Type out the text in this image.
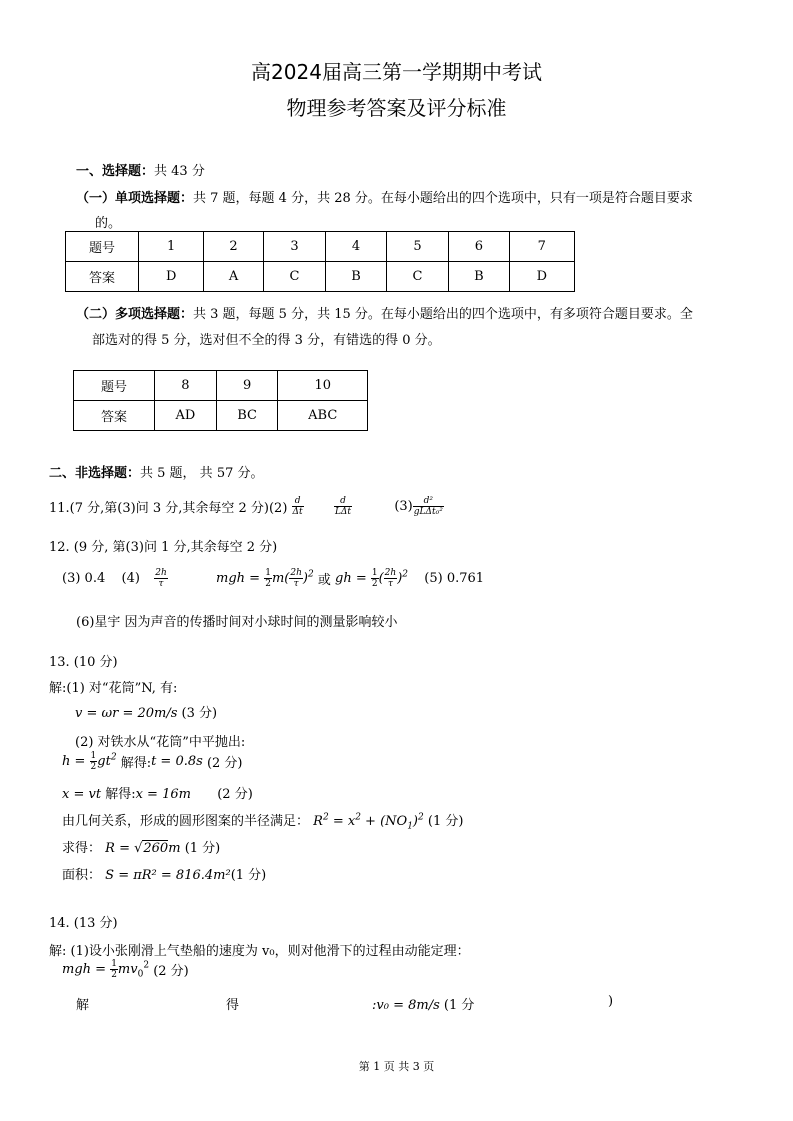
高2024届高三第一学期期中考试
物理参考答案及评分标准
一、选择题：共 43 分
（一）单项选择题：共 7 题，每题 4 分，共 28 分。在每小题给出的四个选项中，只有一项是符合题目要求
的。
题号	1	2	3	4	5	6	7
答案	D	A	C	B	C	B	D
（二）多项选择题：共 3 题，每题 5 分，共 15 分。在每小题给出的四个选项中，有多项符合题目要求。全
部选对的得 5 分，选对但不全的得 3 分，有错选的得 0 分。
题号	8	9	10
答案	AD	BC	ABC
二、非选择题：共 5 题， 共 57 分。
11.(7 分,第(3)问 3 分,其余每空 2 分)$(2) \frac{d}{\Delta t}$
	$\frac{d}{\text{LΔt}}$	$(3) \frac{\text{d²}}{\text{gLΔt₀²}}$
12. (9 分, 第(3)问 1 分,其余每空 2 分)
(3) 0.4 $(4) \frac{2h}{\tau}$	mgh = $\frac{1}{2} m( \frac{2h}{\tau} )^2$ 或 gh = $\frac{1}{2}$ ( $\frac{2h}{\tau} )^2$ (5) 0.761
(6)星宇 因为声音的传播时间对小球时间的测量影响较小
13. (10 分)
解:(1) 对“花筒”N, 有:
v = ωr = 20m/s (3 分)
(2) 对铁水从“花筒”中平抛出:
$h = \frac{1}{2} gt^2$ 解得:t = 0.8s (2 分)
x = vt 解得:x = 16m (2 分)
由几何关系，形成的圆形图案的半径满足： $R^2 = x^2 + (NO_1)^2$ (1 分)
求得： R = √260m (1 分)
面积： S = πR² = 816.4m²(1 分)
14. (13 分)
解: (1)设小张刚滑上气垫船的速度为 v₀，则对他滑下的过程由动能定理：
mgh = $\frac{1}{2} mv_0^2$ (2 分)
解	得	:v₀ = 8m/s (1 分	)
第 1 页 共 3 页
